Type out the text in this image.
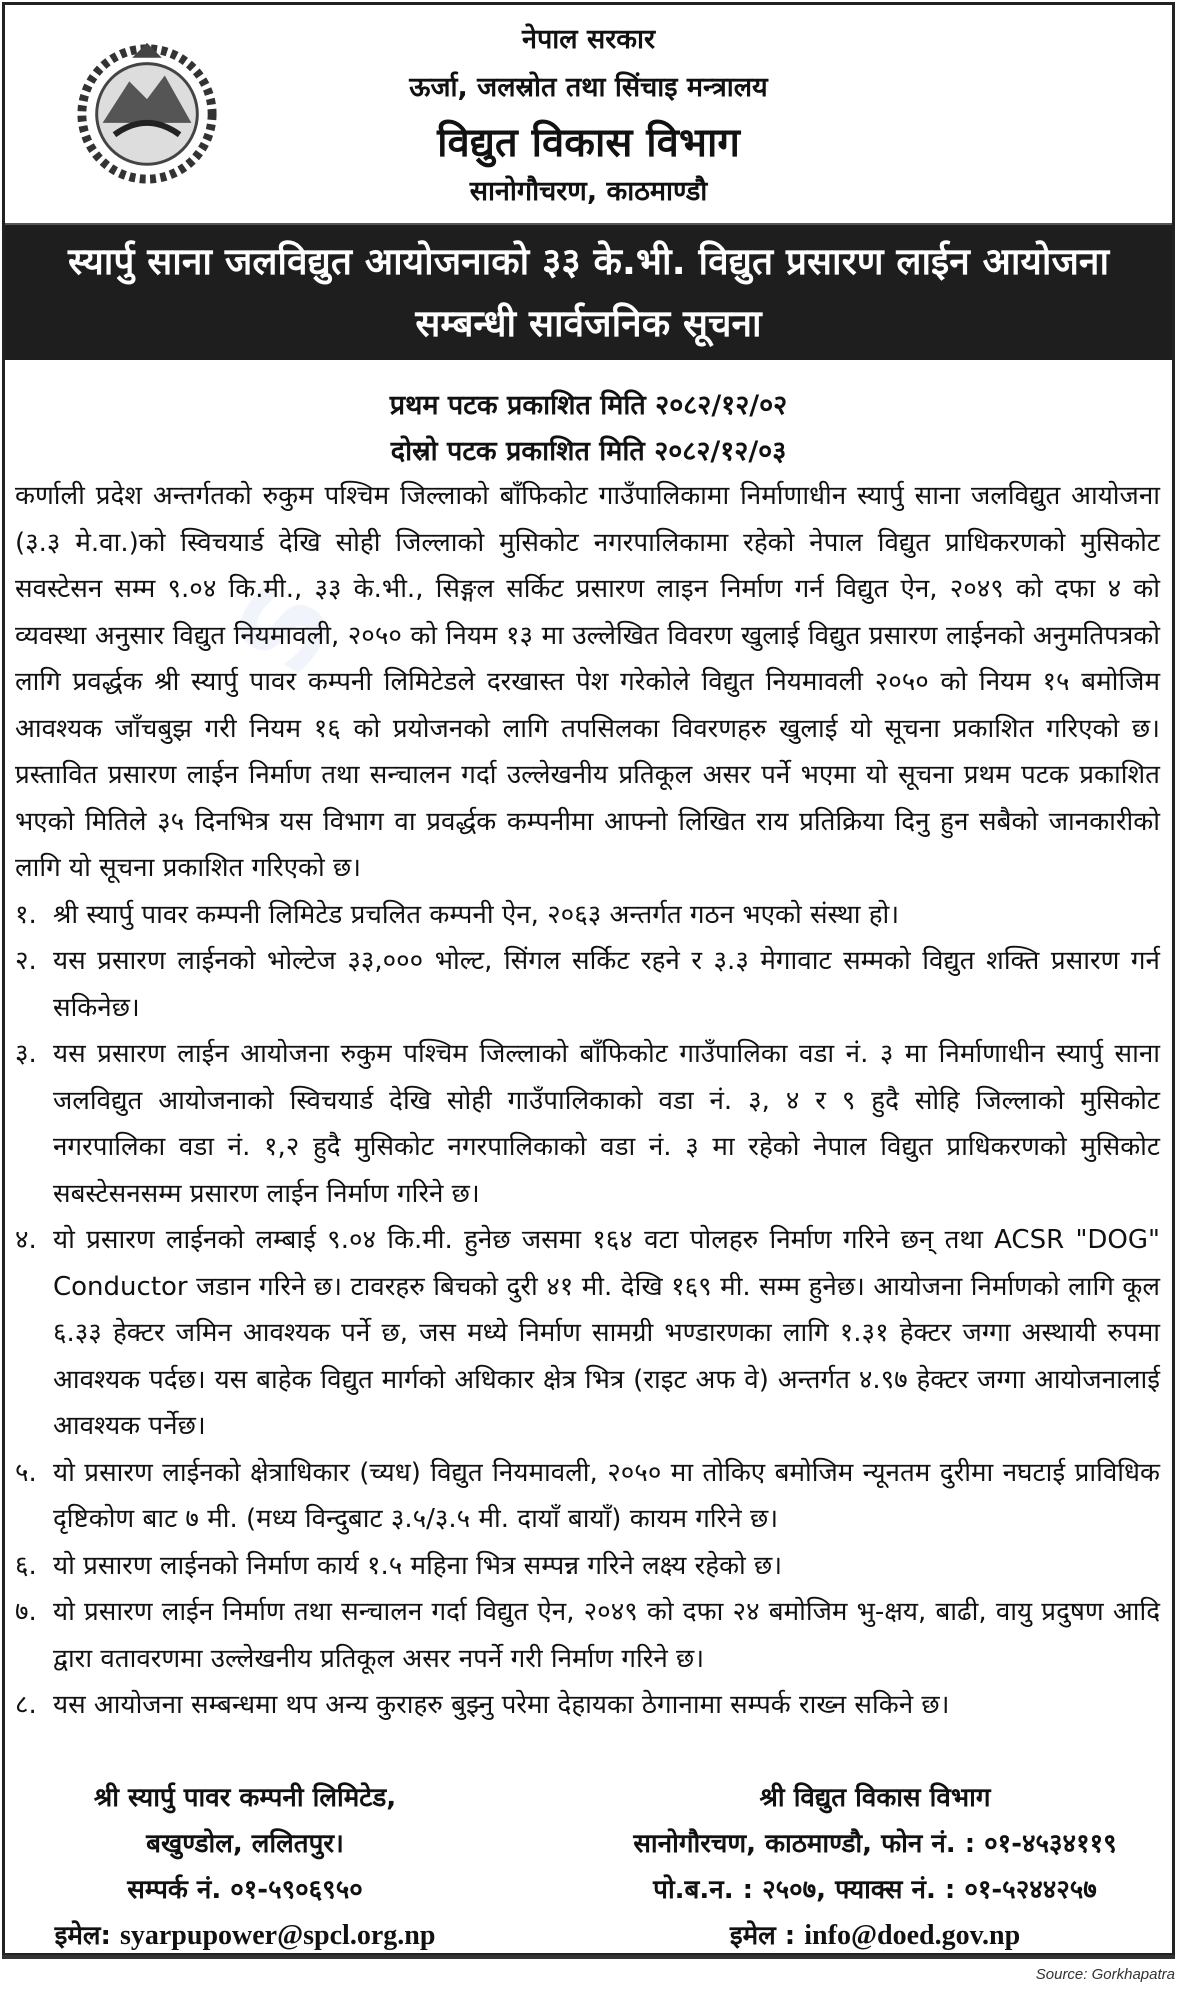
S
नेपाल सरकार
ऊर्जा, जलस्रोत तथा सिंचाइ मन्त्रालय
विद्युत विकास विभाग
सानोगौचरण, काठमाण्डौ
स्यार्पु साना जलविद्युत आयोजनाको ३३ के.भी. विद्युत प्रसारण लाईन आयोजना
सम्बन्धी सार्वजनिक सूचना
प्रथम पटक प्रकाशित मिति २०८२/१२/०२
दोस्रो पटक प्रकाशित मिति २०८२/१२/०३

कर्णाली प्रदेश अन्तर्गतको रुकुम पश्चिम जिल्लाको बाँफिकोट गाउँपालिकामा निर्माणाधीन स्यार्पु साना जलविद्युत आयोजना (३.३ मे.वा.)को स्विचयार्ड देखि सोही जिल्लाको मुसिकोट नगरपालिकामा रहेको नेपाल विद्युत प्राधिकरणको मुसिकोट सवस्टेसन सम्म ९.०४ कि.मी., ३३ के.भी., सिङ्गल सर्किट प्रसारण लाइन निर्माण गर्न विद्युत ऐन, २०४९ को दफा ४ को व्यवस्था अनुसार विद्युत नियमावली, २०५० को नियम १३ मा उल्लेखित विवरण खुलाई विद्युत प्रसारण लाईनको अनुमतिपत्रको लागि प्रवर्द्धक श्री स्यार्पु पावर कम्पनी लिमिटेडले दरखास्त पेश गरेकोले विद्युत नियमावली २०५० को नियम १५ बमोजिम आवश्यक जाँचबुझ गरी नियम १६ को प्रयोजनको लागि तपसिलका विवरणहरु खुलाई यो सूचना प्रकाशित गरिएको छ। प्रस्तावित प्रसारण लाईन निर्माण तथा सन्चालन गर्दा उल्लेखनीय प्रतिकूल असर पर्ने भएमा यो सूचना प्रथम पटक प्रकाशित भएको मितिले ३५ दिनभित्र यस विभाग वा प्रवर्द्धक कम्पनीमा आफ्नो लिखित राय प्रतिक्रिया दिनु हुन सबैको जानकारीको लागि यो सूचना प्रकाशित गरिएको छ।

१. श्री स्यार्पु पावर कम्पनी लिमिटेड प्रचलित कम्पनी ऐन, २०६३ अन्तर्गत गठन भएको संस्था हो।
२. यस प्रसारण लाईनको भोल्टेज ३३,००० भोल्ट, सिंगल सर्किट रहने र ३.३ मेगावाट सम्मको विद्युत शक्ति प्रसारण गर्न सकिनेछ।
३. यस प्रसारण लाईन आयोजना रुकुम पश्चिम जिल्लाको बाँफिकोट गाउँपालिका वडा नं. ३ मा निर्माणाधीन स्यार्पु साना जलविद्युत आयोजनाको स्विचयार्ड देखि सोही गाउँपालिकाको वडा नं. ३, ४ र ९ हुदै सोहि जिल्लाको मुसिकोट नगरपालिका वडा नं. १,२ हुदै मुसिकोट नगरपालिकाको वडा नं. ३ मा रहेको नेपाल विद्युत प्राधिकरणको मुसिकोट सबस्टेसनसम्म प्रसारण लाईन निर्माण गरिने छ।
४. यो प्रसारण लाईनको लम्बाई ९.०४ कि.मी. हुनेछ जसमा १६४ वटा पोलहरु निर्माण गरिने छन् तथा ACSR "DOG" Conductor जडान गरिने छ। टावरहरु बिचको दुरी ४१ मी. देखि १६९ मी. सम्म हुनेछ। आयोजना निर्माणको लागि कूल ६.३३ हेक्टर जमिन आवश्यक पर्ने छ, जस मध्ये निर्माण सामग्री भण्डारणका लागि १.३१ हेक्टर जग्गा अस्थायी रुपमा आवश्यक पर्दछ। यस बाहेक विद्युत मार्गको अधिकार क्षेत्र भित्र (राइट अफ वे) अन्तर्गत ४.९७ हेक्टर जग्गा आयोजनालाई आवश्यक पर्नेछ।
५. यो प्रसारण लाईनको क्षेत्राधिकार (च्यध) विद्युत नियमावली, २०५० मा तोकिए बमोजिम न्यूनतम दुरीमा नघटाई प्राविधिक दृष्टिकोण बाट ७ मी. (मध्य विन्दुबाट ३.५/३.५ मी. दायाँ बायाँ) कायम गरिने छ।
६. यो प्रसारण लाईनको निर्माण कार्य १.५ महिना भित्र सम्पन्न गरिने लक्ष्य रहेको छ।
७. यो प्रसारण लाईन निर्माण तथा सन्चालन गर्दा विद्युत ऐन, २०४९ को दफा २४ बमोजिम भु-क्षय, बाढी, वायु प्रदुषण आदि द्वारा वतावरणमा उल्लेखनीय प्रतिकूल असर नपर्ने गरी निर्माण गरिने छ।
८. यस आयोजना सम्बन्धमा थप अन्य कुराहरु बुझ्नु परेमा देहायका ठेगानामा सम्पर्क राख्न सकिने छ।
श्री स्यार्पु पावर कम्पनी लिमिटेड,
बखुण्डोल, ललितपुर।
सम्पर्क नं. ०१-५९०६९५०
इमेल: syarpupower@spcl.org.np
श्री विद्युत विकास विभाग
सानोगौरचण, काठमाण्डौ, फोन नं. : ०१-४५३४११९
पो.ब.न. : २५०७, फ्याक्स नं. : ०१-५२४४२५७
इमेल : info@doed.gov.np
Source: Gorkhapatra
